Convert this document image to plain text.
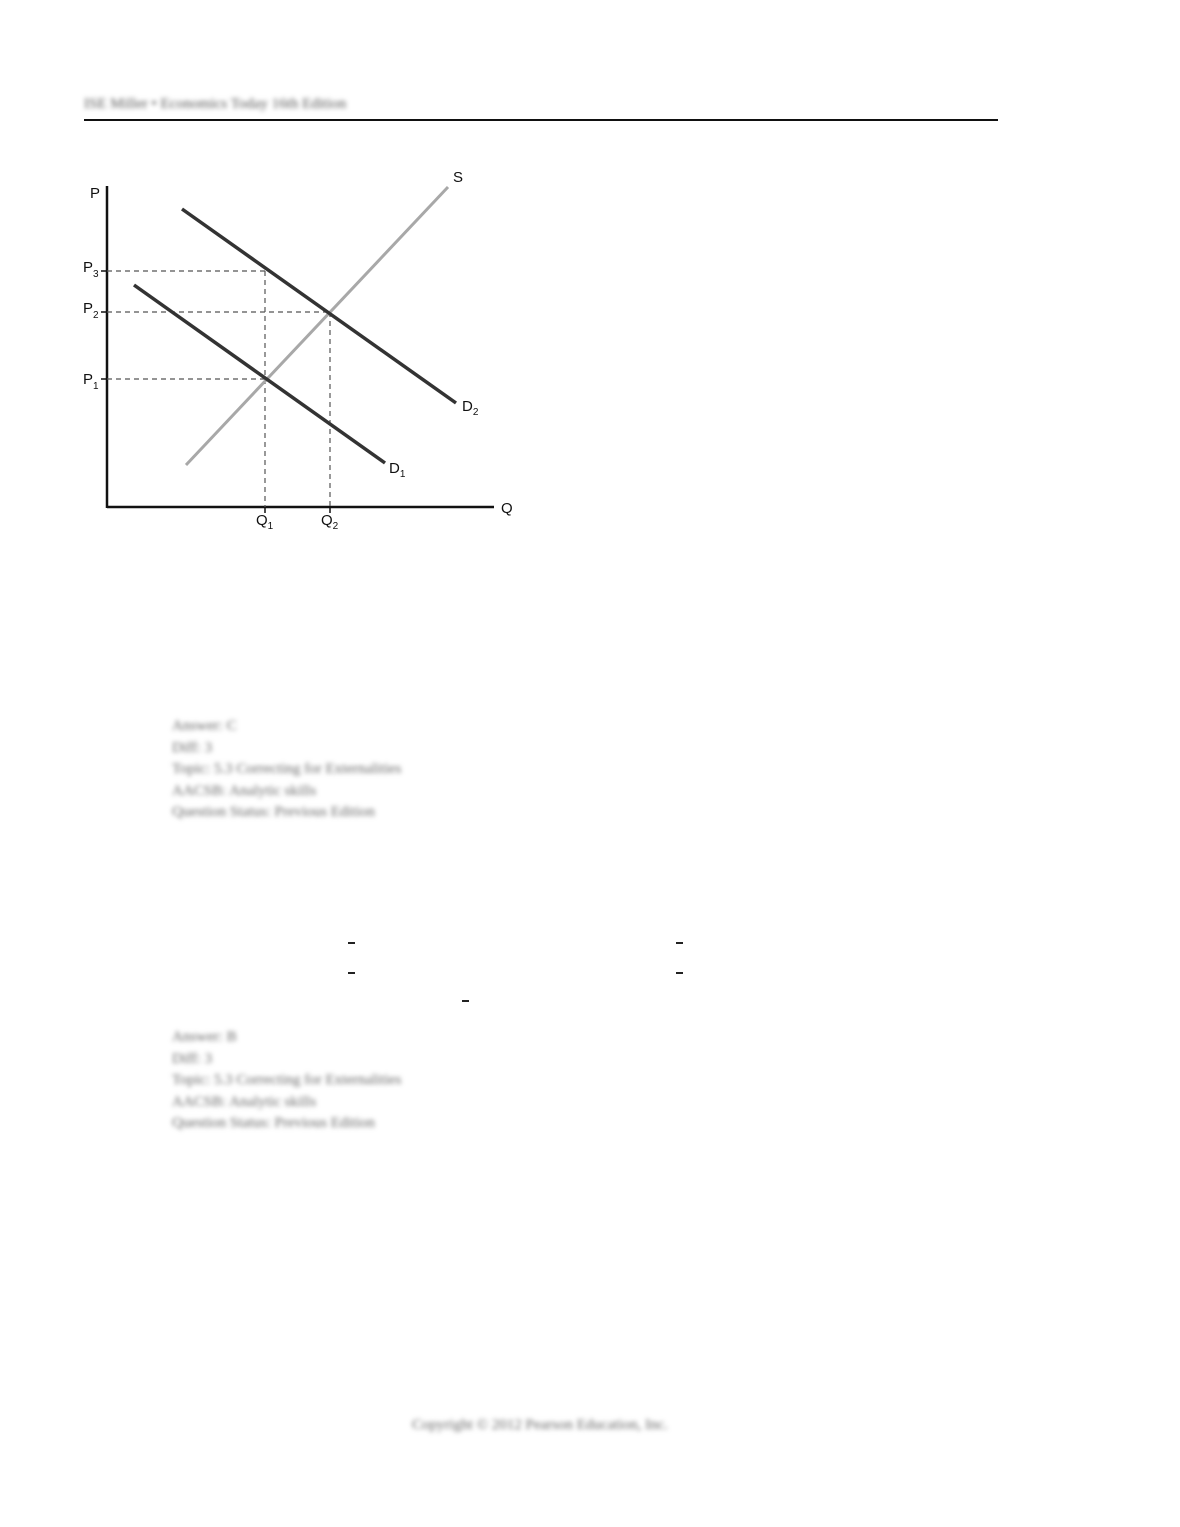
ISE Miller • Economics Today 16th Edition
P
Q
$P_3$
$P_2$
$P_1$
$Q_1$	$Q_2$
S
$D_1$
$D_2$
Answer: C
Diff: 3
Topic: 5.3 Correcting for Externalities
AACSB: Analytic skills
Question Status: Previous Edition
Answer: B
Diff: 3
Topic: 5.3 Correcting for Externalities
AACSB: Analytic skills
Question Status: Previous Edition
Copyright © 2012 Pearson Education, Inc.
